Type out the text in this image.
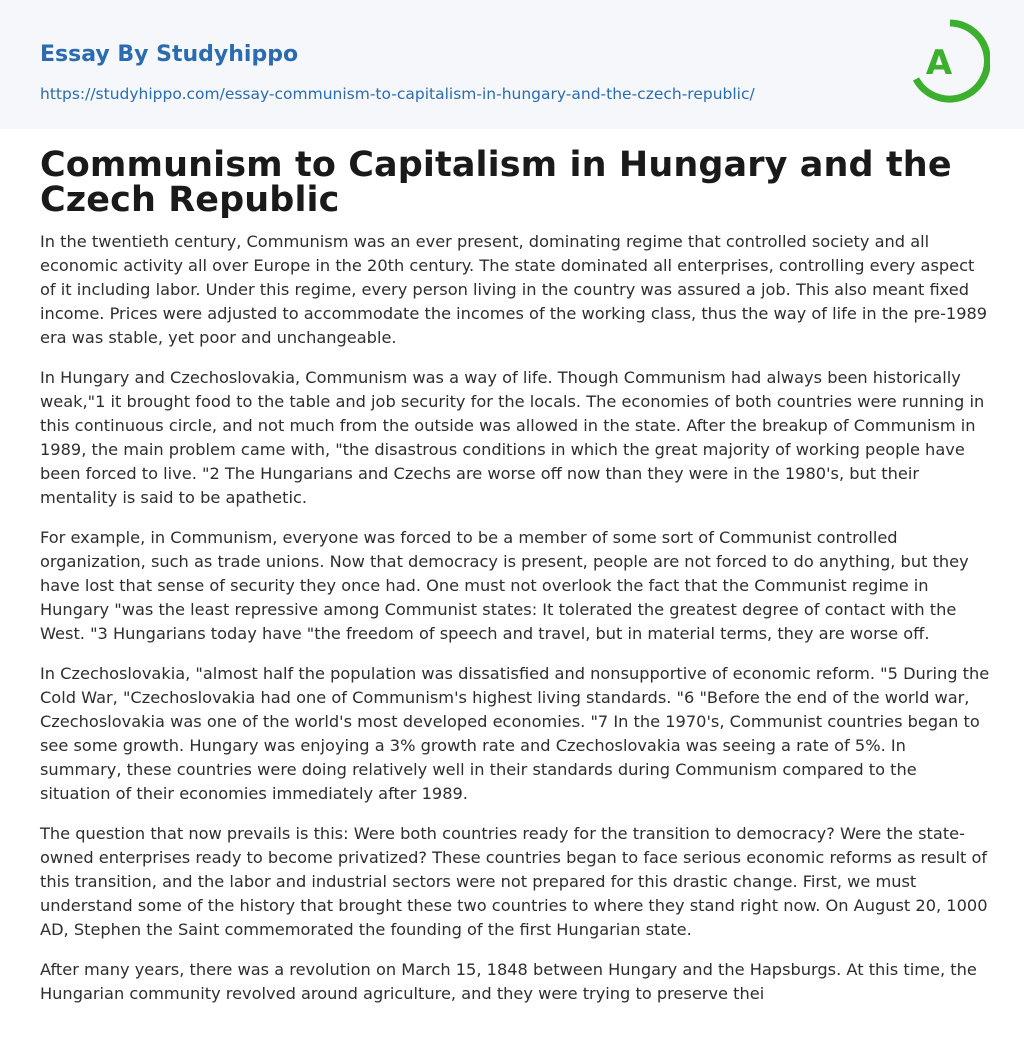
Essay By Studyhippo
https://studyhippo.com/essay-communism-to-capitalism-in-hungary-and-the-czech-republic/
A
Communism to Capitalism in Hungary and the Czech Republic

In the twentieth century, Communism was an ever present, dominating regime that controlled society and all economic activity all over Europe in the 20th century. The state dominated all enterprises, controlling every aspect of it including labor. Under this regime, every person living in the country was assured a job. This also meant fixed income. Prices were adjusted to accommodate the incomes of the working class, thus the way of life in the pre-1989 era was stable, yet poor and unchangeable.

In Hungary and Czechoslovakia, Communism was a way of life. Though Communism had always been historically weak,"1 it brought food to the table and job security for the locals. The economies of both countries were running in this continuous circle, and not much from the outside was allowed in the state. After the breakup of Communism in 1989, the main problem came with, "the disastrous conditions in which the great majority of working people have been forced to live. "2 The Hungarians and Czechs are worse off now than they were in the 1980's, but their mentality is said to be apathetic.

For example, in Communism, everyone was forced to be a member of some sort of Communist controlled organization, such as trade unions. Now that democracy is present, people are not forced to do anything, but they have lost that sense of security they once had. One must not overlook the fact that the Communist regime in Hungary "was the least repressive among Communist states: It tolerated the greatest degree of contact with the West. "3 Hungarians today have "the freedom of speech and travel, but in material terms, they are worse off.

In Czechoslovakia, "almost half the population was dissatisfied and nonsupportive of economic reform. "5 During the Cold War, "Czechoslovakia had one of Communism's highest living standards. "6 "Before the end of the world war, Czechoslovakia was one of the world's most developed economies. "7 In the 1970's, Communist countries began to see some growth. Hungary was enjoying a 3% growth rate and Czechoslovakia was seeing a rate of 5%. In summary, these countries were doing relatively well in their standards during Communism compared to the situation of their economies immediately after 1989.

The question that now prevails is this: Were both countries ready for the transition to democracy? Were the state-owned enterprises ready to become privatized? These countries began to face serious economic reforms as result of this transition, and the labor and industrial sectors were not prepared for this drastic change. First, we must understand some of the history that brought these two countries to where they stand right now. On August 20, 1000 AD, Stephen the Saint commemorated the founding of the first Hungarian state.

After many years, there was a revolution on March 15, 1848 between Hungary and the Hapsburgs. At this time, the Hungarian community revolved around agriculture, and they were trying to preserve thei
